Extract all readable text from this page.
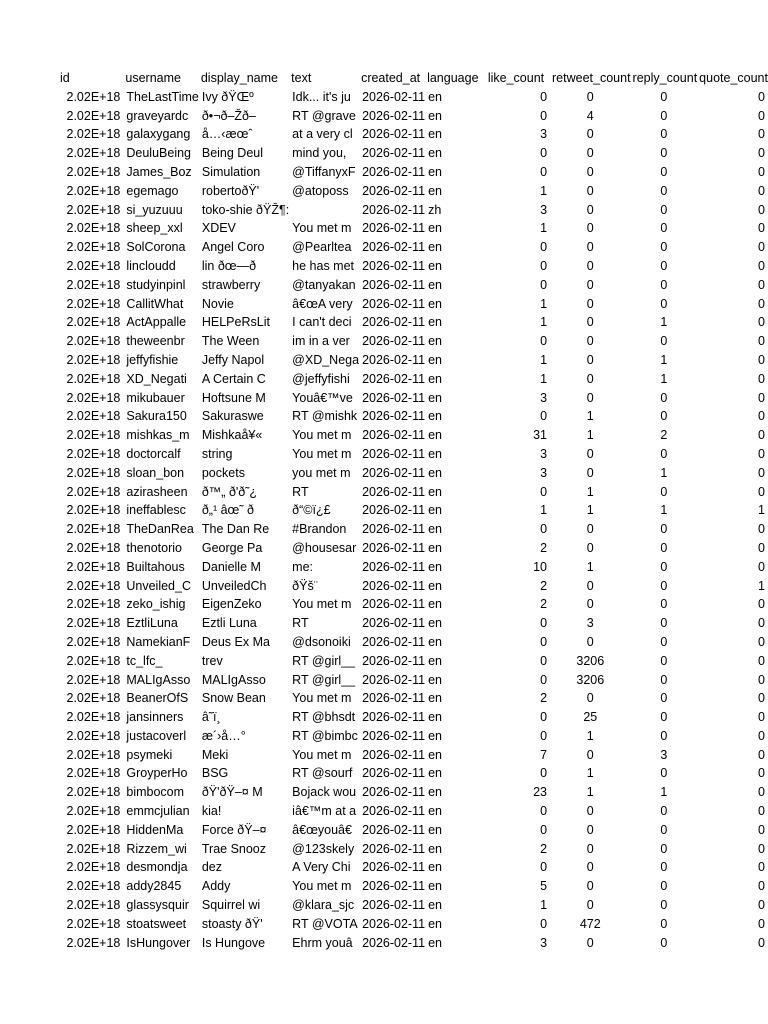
id	username	display_name	text	created_at	language	like_count	retweet_count	reply_count	quote_count
2.02E+18	TheLastTime	Ivy ðŸŒº	Idk... it's ju	2026-02-11	en	0	0	0	0
2.02E+18	graveyardc	ð•¬ð–Žð–	RT @grave	2026-02-11	en	0	4	0	0
2.02E+18	galaxygang	å…‹æœˆ	at a very cl	2026-02-11	en	3	0	0	0
2.02E+18	DeuluBeing	Being Deul	mind you,	2026-02-11	en	0	0	0	0
2.02E+18	James_Boz	Simulation	@TiffanyxF	2026-02-11	en	0	0	0	0
2.02E+18	egemago	robertoðŸ'	@atoposs	2026-02-11	en	1	0	0	0
2.02E+18	si_yuzuuu	toko-shie ðŸŽ¶:		2026-02-11	zh	3	0	0	0
2.02E+18	sheep_xxl	XDEV	You met m	2026-02-11	en	1	0	0	0
2.02E+18	SolCorona	Angel Coro	@Pearltea	2026-02-11	en	0	0	0	0
2.02E+18	lincloudd	lin ðœ—ð	he has met	2026-02-11	en	0	0	0	0
2.02E+18	studyinpinl	strawberry	@tanyakan	2026-02-11	en	0	0	0	0
2.02E+18	CallitWhat	Novie	â€œA very	2026-02-11	en	1	0	0	0
2.02E+18	ActAppalle	HELPeRsLit	I can't deci	2026-02-11	en	1	0	1	0
2.02E+18	theweenbr	The Ween	im in a ver	2026-02-11	en	0	0	0	0
2.02E+18	jeffyfishie	Jeffy Napol	@XD_Nega	2026-02-11	en	1	0	1	0
2.02E+18	XD_Negati	A Certain C	@jeffyfishi	2026-02-11	en	1	0	1	0
2.02E+18	mikubauer	Hoftsune M	Youâ€™ve	2026-02-11	en	3	0	0	0
2.02E+18	Sakura150	Sakuraswe	RT @mishk	2026-02-11	en	0	1	0	0
2.02E+18	mishkas_m	Mishkaå¥«	You met m	2026-02-11	en	31	1	2	0
2.02E+18	doctorcalf	string	You met m	2026-02-11	en	3	0	0	0
2.02E+18	sloan_bon	pockets	you met m	2026-02-11	en	3	0	1	0
2.02E+18	azirasheen	ð™„ ð'ð˜¿	RT	2026-02-11	en	0	1	0	0
2.02E+18	ineffablesc	ð„¹ âœ˜ ð	ð“©ï¿£	2026-02-11	en	1	1	1	1
2.02E+18	TheDanRea	The Dan Re	#Brandon	2026-02-11	en	0	0	0	0
2.02E+18	thenotorio	George Pa	@housesar	2026-02-11	en	2	0	0	0
2.02E+18	Builtahous	Danielle M	me:	2026-02-11	en	10	1	0	0
2.02E+18	Unveiled_C	UnveiledCh	ðŸš¨	2026-02-11	en	2	0	0	1
2.02E+18	zeko_ishig	EigenZeko	You met m	2026-02-11	en	2	0	0	0
2.02E+18	EztliLuna	Eztli Luna	RT	2026-02-11	en	0	3	0	0
2.02E+18	NamekianF	Deus Ex Ma	@dsonoiki	2026-02-11	en	0	0	0	0
2.02E+18	tc_lfc_	trev	RT @girl__	2026-02-11	en	0	3206	0	0
2.02E+18	MALIgAsso	MALIgAsso	RT @girl__	2026-02-11	en	0	3206	0	0
2.02E+18	BeanerOfS	Snow Bean	You met m	2026-02-11	en	2	0	0	0
2.02E+18	jansinners	â˜ï¸	RT @bhsdt	2026-02-11	en	0	25	0	0
2.02E+18	justacoverl	æ´›å…°	RT @bimbc	2026-02-11	en	0	1	0	0
2.02E+18	psymeki	Meki	You met m	2026-02-11	en	7	0	3	0
2.02E+18	GroyperHo	BSG	RT @sourf	2026-02-11	en	0	1	0	0
2.02E+18	bimbocom	ðŸ'ðŸ–¤ M	Bojack wou	2026-02-11	en	23	1	1	0
2.02E+18	emmcjulian	kia!	iâ€™m at a	2026-02-11	en	0	0	0	0
2.02E+18	HiddenMa	Force ðŸ–¤	â€œyouâ€	2026-02-11	en	0	0	0	0
2.02E+18	Rizzem_wi	Trae Snooz	@123skely	2026-02-11	en	2	0	0	0
2.02E+18	desmondja	dez	A Very Chi	2026-02-11	en	0	0	0	0
2.02E+18	addy2845	Addy	You met m	2026-02-11	en	5	0	0	0
2.02E+18	glassysquir	Squirrel wi	@klara_sjc	2026-02-11	en	1	0	0	0
2.02E+18	stoatsweet	stoasty ðŸ'	RT @VOTA	2026-02-11	en	0	472	0	0
2.02E+18	IsHungover	Is Hungove	Ehrm youâ	2026-02-11	en	3	0	0	0
